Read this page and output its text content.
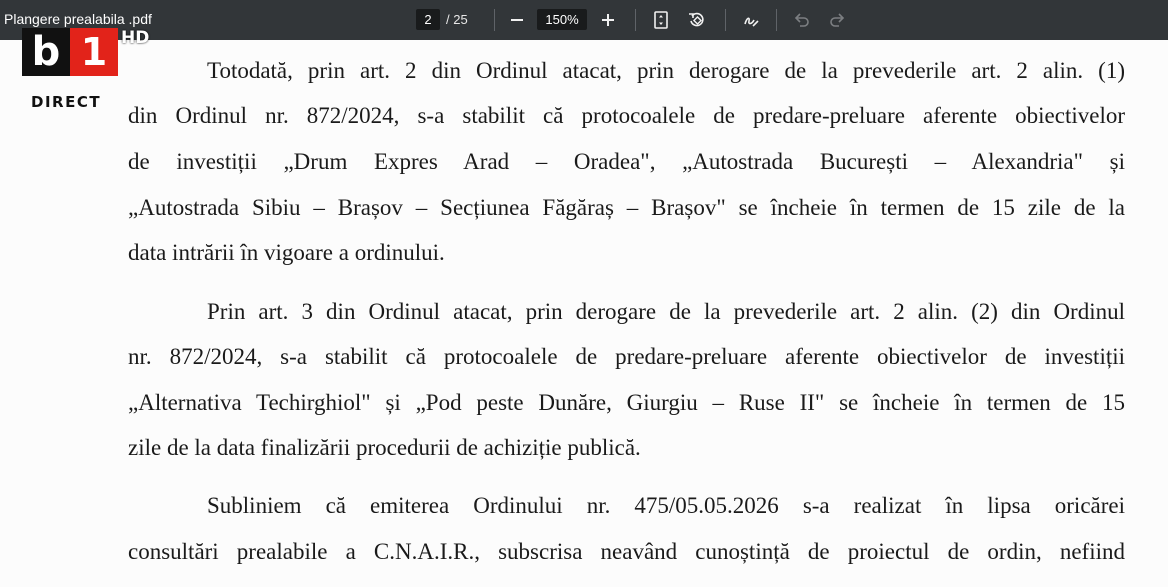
Plangere prealabila .pdf	2	/ 25	150%
b 1 HD
DIRECT
Totodată, prin art. 2 din Ordinul atacat, prin derogare de la prevederile art. 2 alin. (1)
din Ordinul nr. 872/2024, s-a stabilit că protocoalele de predare-preluare aferente obiectivelor
de investiții „Drum Expres Arad – Oradea", „Autostrada București – Alexandria" și
„Autostrada Sibiu – Brașov – Secțiunea Făgăraș – Brașov" se încheie în termen de 15 zile de la
data intrării în vigoare a ordinului.
Prin art. 3 din Ordinul atacat, prin derogare de la prevederile art. 2 alin. (2) din Ordinul
nr. 872/2024, s-a stabilit că protocoalele de predare-preluare aferente obiectivelor de investiții
„Alternativa Techirghiol" și „Pod peste Dunăre, Giurgiu – Ruse II" se încheie în termen de 15
zile de la data finalizării procedurii de achiziție publică.
Subliniem că emiterea Ordinului nr. 475/05.05.2026 s-a realizat în lipsa oricărei
consultări prealabile a C.N.A.I.R., subscrisa neavând cunoștință de proiectul de ordin, nefiind
